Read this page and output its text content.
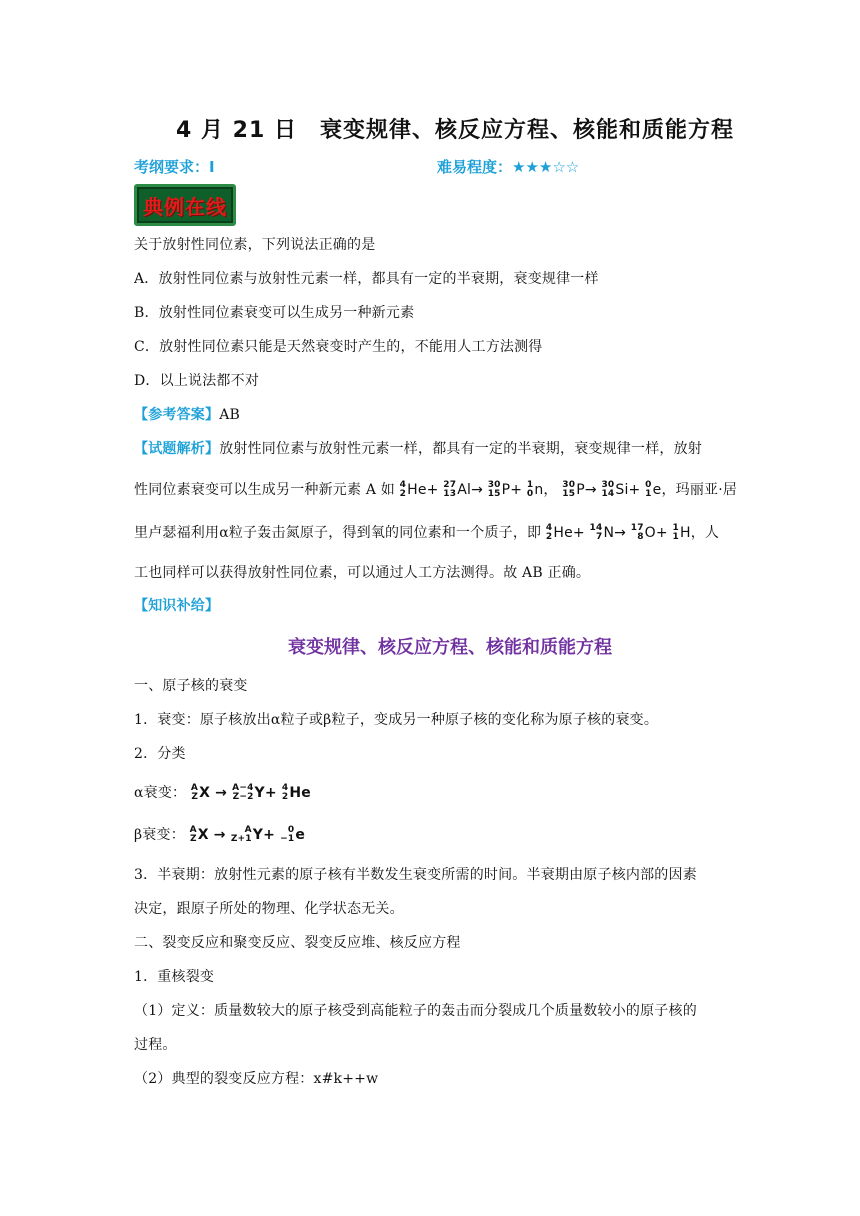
4 月 21 日　衰变规律、核反应方程、核能和质能方程
考纲要求：Ⅰ	难易程度：★★★☆☆
典例在线
关于放射性同位素，下列说法正确的是
A．放射性同位素与放射性元素一样，都具有一定的半衰期，衰变规律一样
B．放射性同位素衰变可以生成另一种新元素
C．放射性同位素只能是天然衰变时产生的，不能用人工方法测得
D．以上说法都不对
【参考答案】AB
【试题解析】放射性同位素与放射性元素一样，都具有一定的半衰期，衰变规律一样，放射
性同位素衰变可以生成另一种新元素 A 如 4
2 He+ 27
13 Al→ 30
15 P+ 1
0 n， 30
15 P→ 30
14 Si+ 0
1 e，玛丽亚·居
里卢瑟福利用α粒子轰击氮原子，得到氧的同位素和一个质子，即 4
2 He+ 14
7 N→ 17
8 O+ 1
1 H，人
工也同样可以获得放射性同位素，可以通过人工方法测得。故 AB 正确。
【知识补给】
衰变规律、核反应方程、核能和质能方程
一、原子核的衰变
1．衰变：原子核放出α粒子或β粒子，变成另一种原子核的变化称为原子核的衰变。
2．分类
α衰变： A
Z X → A−4
Z−2 Y+ 4
2 He
β衰变： A
Z X →	A
Z+1 Y+	0
−1 e
3．半衰期：放射性元素的原子核有半数发生衰变所需的时间。半衰期由原子核内部的因素
决定，跟原子所处的物理、化学状态无关。
二、裂变反应和聚变反应、裂变反应堆、核反应方程
1．重核裂变
（1）定义：质量数较大的原子核受到高能粒子的轰击而分裂成几个质量数较小的原子核的
过程。
（2）典型的裂变反应方程：x#k++w
